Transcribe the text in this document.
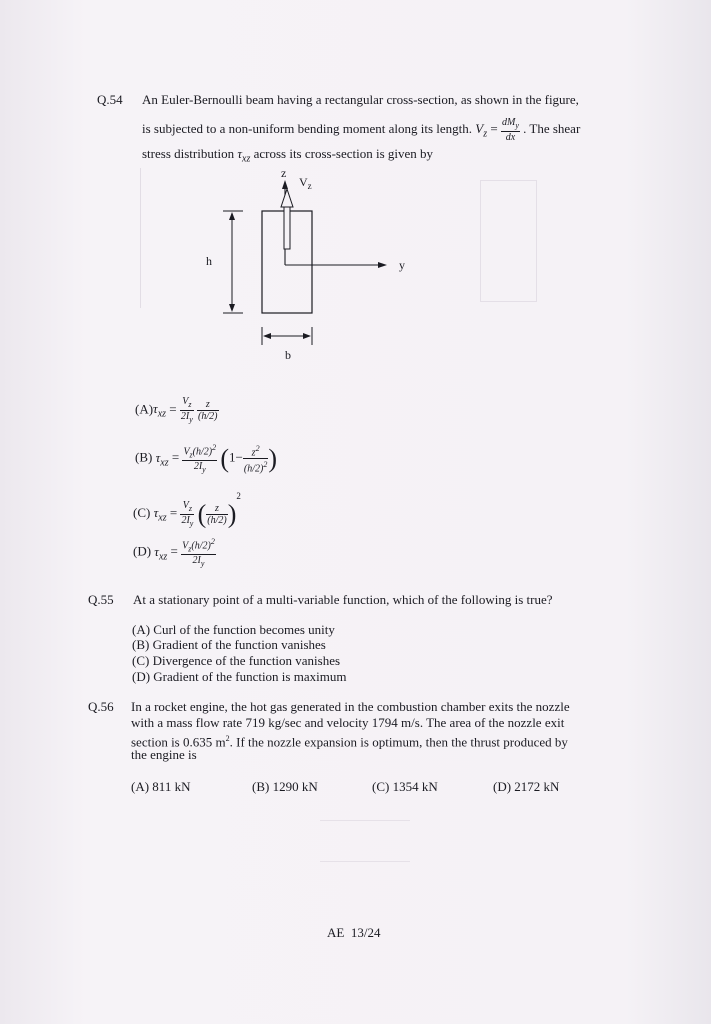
Q.54 An Euler-Bernoulli beam having a rectangular cross-section, as shown in the figure,
is subjected to a non-uniform bending moment along its length. $V_z = \frac{dM_y}{dx}$ . The shear
stress distribution $\tau_{xz}$ across its cross-section is given by
z
$V_z$
y
h
b
$(A)\tau_{xz} = \frac{V_z}{2I_y}$
$\frac{z}{(h/2)}$
(B) $\tau_{xz} = \frac{V_z(h/2)^2}{2I_y} (1- \frac{z^2}{(h/2)^2}$ )
(C) $\tau_{xz} = \frac{V_z}{2I_y}$ ( $\frac{z}{(h/2)} )^2$
(D) $\tau_{xz} = \frac{V_z(h/2)^2}{2I_y}$
Q.55 At a stationary point of a multi-variable function, which of the following is true?
(A) Curl of the function becomes unity
(B) Gradient of the function vanishes
(C) Divergence of the function vanishes
(D) Gradient of the function is maximum
Q.56 In a rocket engine, the hot gas generated in the combustion chamber exits the nozzle
with a mass flow rate 719 kg/sec and velocity 1794 m/s. The area of the nozzle exit
section is 0.635 $m^2$. If the nozzle expansion is optimum, then the thrust produced by
the engine is
(A) 811 kN	(B) 1290 kN	(C) 1354 kN	(D) 2172 kN
AE  13/24
